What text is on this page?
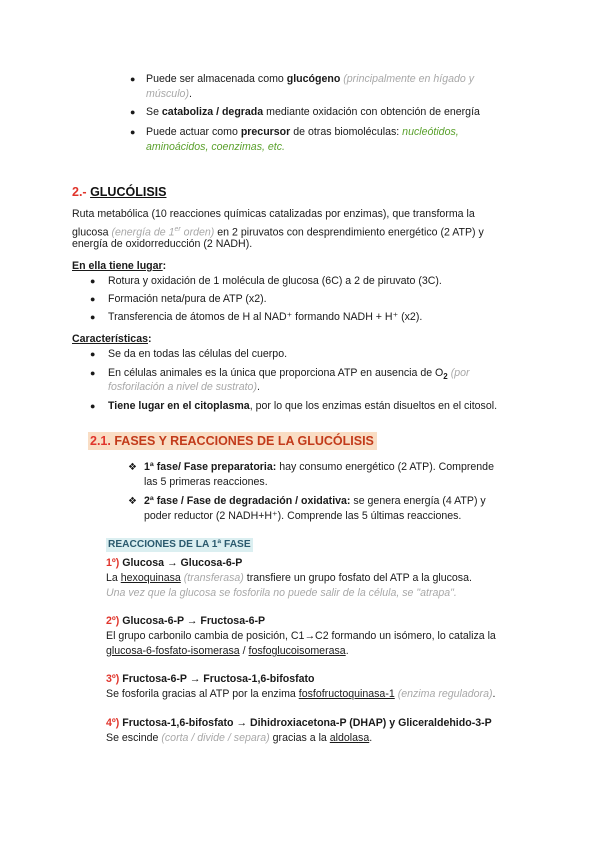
● Puede ser almacenada como glucógeno (principalmente en hígado y
músculo).
● Se cataboliza / degrada mediante oxidación con obtención de energía
● Puede actuar como precursor de otras biomoléculas: nucleótidos,
aminoácidos, coenzimas, etc.
2.- GLUCÓLISIS
Ruta metabólica (10 reacciones químicas catalizadas por enzimas), que transforma la
glucosa (energía de 1er orden) en 2 piruvatos con desprendimiento energético (2 ATP) y
energía de oxidorreducción (2 NADH).
En ella tiene lugar:
● Rotura y oxidación de 1 molécula de glucosa (6C) a 2 de piruvato (3C).
● Formación neta/pura de ATP (x2).
● Transferencia de átomos de H al NAD⁺ formando NADH + H⁺ (x2).
Características:
● Se da en todas las células del cuerpo.
● En células animales es la única que proporciona ATP en ausencia de $O_2$ (por
fosforilación a nivel de sustrato).
● Tiene lugar en el citoplasma, por lo que los enzimas están disueltos en el citosol.
2.1. FASES Y REACCIONES DE LA GLUCÓLISIS
❖ 1ª fase/ Fase preparatoria: hay consumo energético (2 ATP). Comprende
las 5 primeras reacciones.
❖ 2ª fase / Fase de degradación / oxidativa: se genera energía (4 ATP) y
poder reductor (2 NADH+H⁺). Comprende las 5 últimas reacciones.
REACCIONES DE LA 1ª FASE
1º) Glucosa → Glucosa-6-P
La hexoquinasa (transferasa) transfiere un grupo fosfato del ATP a la glucosa.
Una vez que la glucosa se fosforila no puede salir de la célula, se "atrapa".
2º) Glucosa-6-P → Fructosa-6-P
El grupo carbonilo cambia de posición, C1→C2 formando un isómero, lo cataliza la
glucosa-6-fosfato-isomerasa / fosfoglucoisomerasa.
3º) Fructosa-6-P → Fructosa-1,6-bifosfato
Se fosforila gracias al ATP por la enzima fosfofructoquinasa-1 (enzima reguladora).
4º) Fructosa-1,6-bifosfato → Dihidroxiacetona-P (DHAP) y Gliceraldehido-3-P
Se escinde (corta / divide / separa) gracias a la aldolasa.
